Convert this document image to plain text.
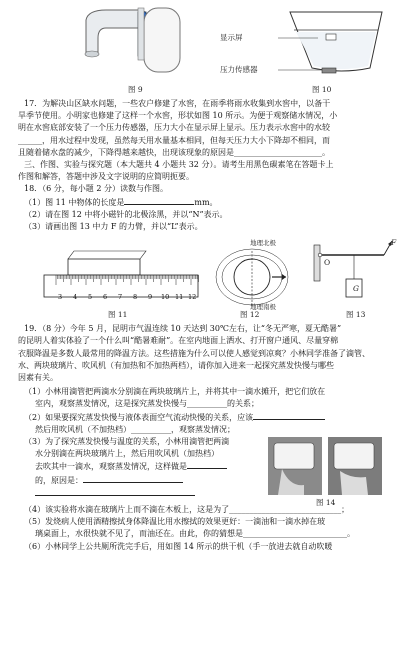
图 9
显示屏
压力传感器
图 10

17．为解决山区缺水问题，一些农户修建了水窖，在雨季将雨水收集到水窖中，以备干

旱季节使用。小明家也修建了这样一个水窖，形状如图 10 所示。为便于观察储水情况，小

明在水窖底部安装了一个压力传感器，压力大小在显示屏上显示。压力表示水窖中的水较

______，用水过程中发现，虽然每天用水量基本相同，但每天压力大小下降却不相同，而

且随着储水盘的减少，下降得越来越快，出现该现象的原因是______________________。

三、作图、实验与探究题（本大题共 4 小题共 32 分）。请考生用黑色碳素笔在答题卡上

作图和解答，答题中涉及文字说明的应简明扼要。

18．（6 分，每小题 2 分）读数与作图。

（1）图 11 中物体的长度是	mm。

（2）请在图 12 中将小磁针的北极涂黑，并以“N”表示。

（3）请画出图 13 中力 F 的力臂，并以“L”表示。

3 4 5 6 7 8 9 10 11 12
图 11
地理北极
地理南极
图 12
F
O
G
图 13

19．（8 分）今年 5 月，昆明市气温连续 10 天达到 30℃左右，让“冬无严寒，夏无酷暑”

的昆明人着实体验了一个什么叫“酷暑难耐”。在室内地面上洒水、打开窗户通风、尽量穿棉

衣服降温是多数人最常用的降温方法。这些措施为什么可以使人感觉到凉爽？小林同学准备了滴管、

水、两块玻璃片、吹风机（有加热和不加热两档），请你加入进来一起探究蒸发快慢与哪些

因素有关。

（1）小林用滴管把两滴水分别滴在两块玻璃片上，并将其中一滴水摊开，把它们放在

室内，观察蒸发情况，这是探究蒸发快慢与__________的关系；

（2）如果要探究蒸发快慢与液体表面空气流动快慢的关系，应该

然后用吹风机（不加热档）__________，观察蒸发情况；

（3）为了探究蒸发快慢与温度的关系，小林用滴管把两滴

水分别滴在两块玻璃片上，然后用吹风机（加热档）

去吹其中一滴水，观察蒸发情况，这样做是

的，原因是：

图 14

（4）该实验将水滴在玻璃片上而不滴在木板上，这是为了____________________________；

（5）发烧病人使用酒精擦拭身体降温比用水擦拭的效果更好：一滴油和一滴水掉在玻

璃桌面上，水很快就不见了，而油还在。由此，你的猜想是__________________________。

（6）小林同学上公共厕所洗完手后，用如图 14 所示的烘干机（手一放进去就自动吹暖
